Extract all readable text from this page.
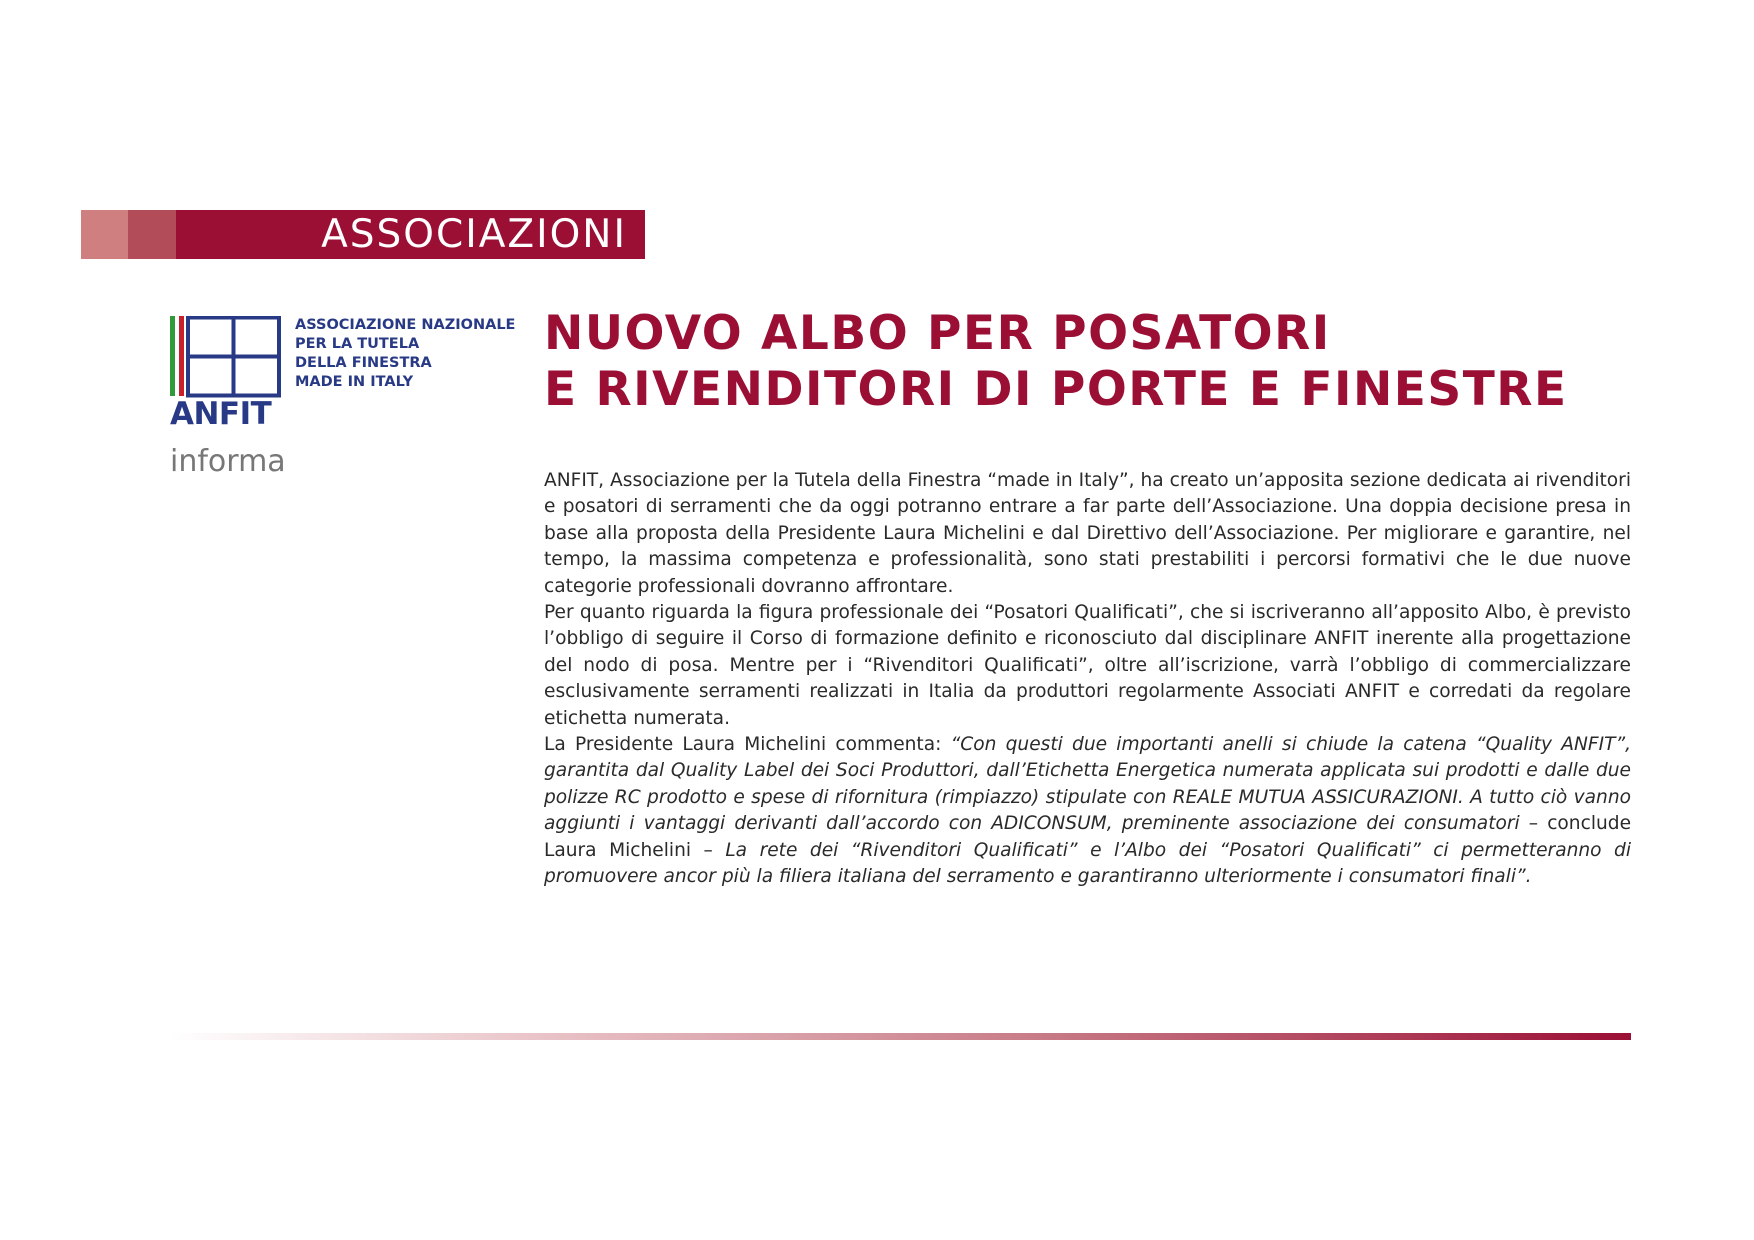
ASSOCIAZIONI
ANFIT
ASSOCIAZIONE NAZIONALE
PER LA TUTELA
DELLA FINESTRA
MADE IN ITALY
informa
NUOVO ALBO PER POSATORI
E RIVENDITORI DI PORTE E FINESTRE

ANFIT, Associazione per la Tutela della Finestra “made in Italy”, ha creato un’apposita sezione dedicata ai rivenditori e posatori di serramenti che da oggi potranno entrare a far parte dell’Associazione. Una doppia decisione presa in base alla proposta della Presidente Laura Michelini e dal Direttivo dell’Associazione. Per migliorare e garantire, nel tempo, la massima competenza e professionalità, sono stati prestabiliti i percorsi formativi che le due nuove categorie professionali dovranno affrontare.

Per quanto riguarda la figura professionale dei “Posatori Qualificati”, che si iscriveranno all’apposito Albo, è previsto l’obbligo di seguire il Corso di formazione definito e riconosciuto dal disciplinare ANFIT inerente alla progettazione del nodo di posa. Mentre per i “Rivenditori Qualificati”, oltre all’iscrizione, varrà l’obbligo di commercializzare esclusivamente serramenti realizzati in Italia da produttori regolarmente Associati ANFIT e corredati da regolare etichetta numerata.

La Presidente Laura Michelini commenta: “Con questi due importanti anelli si chiude la catena “Quality ANFIT”, garantita dal Quality Label dei Soci Produttori, dall’Etichetta Energetica numerata applicata sui prodotti e dalle due polizze RC prodotto e spese di rifornitura (rimpiazzo) stipulate con REALE MUTUA ASSICURAZIONI. A tutto ciò vanno aggiunti i vantaggi derivanti dall’accordo con ADICONSUM, preminente associazione dei consumatori – conclude Laura Michelini – La rete dei “Rivenditori Qualificati” e l’Albo dei “Posatori Qualificati” ci permetteranno di promuovere ancor più la filiera italiana del serramento e garantiranno ulteriormente i consumatori finali”.
